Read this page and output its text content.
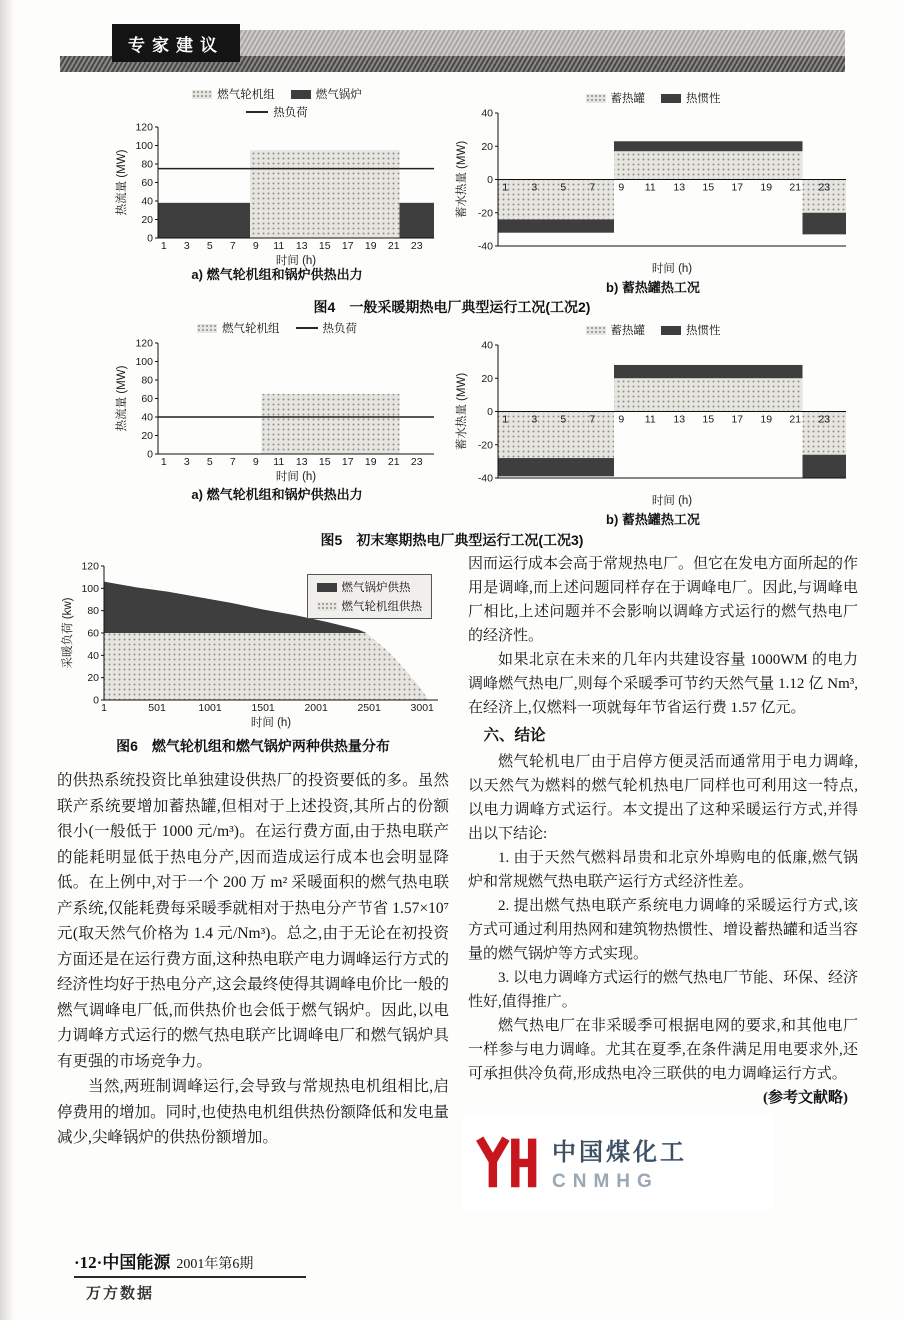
专家建议
燃气轮机组	燃气锅炉
热负荷
0
20
40
60
80
100
120
1 3 5 7 9 11 13 15 17 19 21 23
热流量 (MW)
时间 (h)
a) 燃气轮机组和锅炉供热出力
蓄热罐	热惯性
-40
-20
0
20
40
1 3 5 7 9 11 13 15 17 19 21 23
蓄水热量 (MW)
时间 (h)
b) 蓄热罐热工况
图4　一般采暖期热电厂典型运行工况(工况2)
燃气轮机组	热负荷
0
20
40
60
80
100
120
1 3 5 7 9 11 13 15 17 19 21 23
热流量 (MW)
时间 (h)
a) 燃气轮机组和锅炉供热出力
蓄热罐	热惯性
-40
-20
0
20
40
1 3 5 7 9 11 13 15 17 19 21 23
蓄水热量 (MW)
时间 (h)
b) 蓄热罐热工况
图5　初末寒期热电厂典型运行工况(工况3)
0
20
40
60
80
100
120
1	501	1001	1501	2001	2501	3001
采暖负荷 (kw)
时间 (h)
燃气锅炉供热
燃气轮机组供热
图6　燃气轮机组和燃气锅炉两种供热量分布

的供热系统投资比单独建设供热厂的投资要低的多。虽然联产系统要增加蓄热罐,但相对于上述投资,其所占的份额很小(一般低于 1000 元/m³)。在运行费方面,由于热电联产的能耗明显低于热电分产,因而造成运行成本也会明显降低。在上例中,对于一个 200 万 m² 采暖面积的燃气热电联产系统,仅能耗费每采暖季就相对于热电分产节省 1.57×10⁷ 元(取天然气价格为 1.4 元/Nm³)。总之,由于无论在初投资方面还是在运行费方面,这种热电联产电力调峰运行方式的经济性均好于热电分产,这会最终使得其调峰电价比一般的燃气调峰电厂低,而供热价也会低于燃气锅炉。因此,以电力调峰方式运行的燃气热电联产比调峰电厂和燃气锅炉具有更强的市场竞争力。

当然,两班制调峰运行,会导致与常规热电机组相比,启停费用的增加。同时,也使热电机组供热份额降低和发电量减少,尖峰锅炉的供热份额增加。

因而运行成本会高于常规热电厂。但它在发电方面所起的作用是调峰,而上述问题同样存在于调峰电厂。因此,与调峰电厂相比,上述问题并不会影响以调峰方式运行的燃气热电厂的经济性。

如果北京在未来的几年内共建设容量 1000WM 的电力调峰燃气热电厂,则每个采暖季可节约天然气量 1.12 亿 Nm³,在经济上,仅燃料一项就每年节省运行费 1.57 亿元。

六、结论

燃气轮机电厂由于启停方便灵活而通常用于电力调峰,以天然气为燃料的燃气轮机热电厂同样也可利用这一特点,以电力调峰方式运行。本文提出了这种采暖运行方式,并得出以下结论:

1. 由于天然气燃料昂贵和北京外埠购电的低廉,燃气锅炉和常规燃气热电联产运行方式经济性差。

2. 提出燃气热电联产系统电力调峰的采暖运行方式,该方式可通过利用热网和建筑物热惯性、增设蓄热罐和适当容量的燃气锅炉等方式实现。

3. 以电力调峰方式运行的燃气热电厂节能、环保、经济性好,值得推广。

燃气热电厂在非采暖季可根据电网的要求,和其他电厂一样参与电力调峰。尤其在夏季,在条件满足用电要求外,还可承担供冷负荷,形成热电冷三联供的电力调峰运行方式。

(参考文献略)

中国煤化工
CNMHG
·12·中国能源 2001年第6期
万方数据
